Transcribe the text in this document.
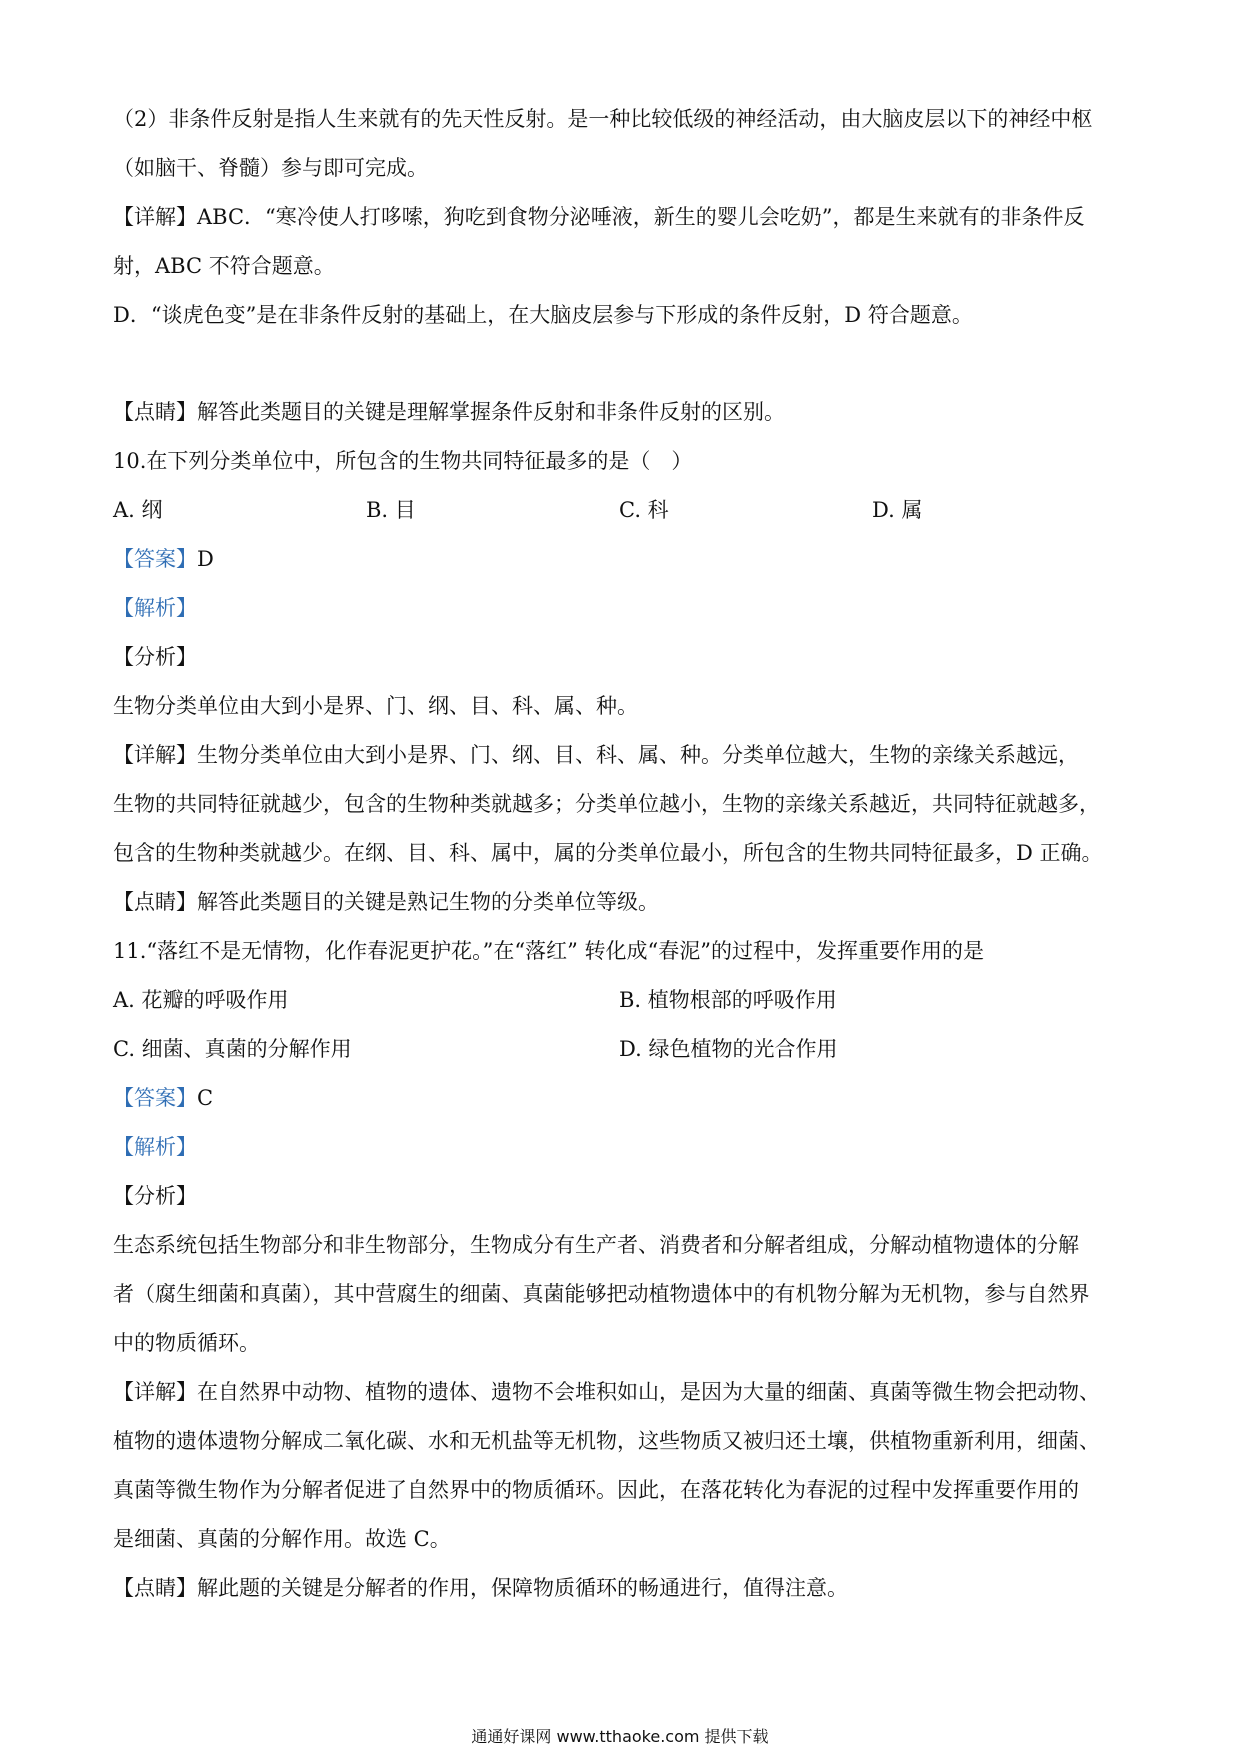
（2）非条件反射是指人生来就有的先天性反射。是一种比较低级的神经活动，由大脑皮层以下的神经中枢
（如脑干、脊髓）参与即可完成。
【详解】ABC．“寒冷使人打哆嗦，狗吃到食物分泌唾液，新生的婴儿会吃奶”，都是生来就有的非条件反
射，ABC 不符合题意。
D．“谈虎色变”是在非条件反射的基础上，在大脑皮层参与下形成的条件反射，D 符合题意。
【点睛】解答此类题目的关键是理解掌握条件反射和非条件反射的区别。
10.在下列分类单位中，所包含的生物共同特征最多的是（　）
A. 纲	B. 目	C. 科	D. 属
【答案】D
【解析】
【分析】
生物分类单位由大到小是界、门、纲、目、科、属、种。
【详解】生物分类单位由大到小是界、门、纲、目、科、属、种。分类单位越大，生物的亲缘关系越远，
生物的共同特征就越少，包含的生物种类就越多；分类单位越小，生物的亲缘关系越近，共同特征就越多，
包含的生物种类就越少。在纲、目、科、属中，属的分类单位最小，所包含的生物共同特征最多，D 正确。
【点睛】解答此类题目的关键是熟记生物的分类单位等级。
11.“落红不是无情物，化作春泥更护花。”在“落红” 转化成“春泥”的过程中，发挥重要作用的是
A. 花瓣的呼吸作用	B. 植物根部的呼吸作用
C. 细菌、真菌的分解作用	D. 绿色植物的光合作用
【答案】C
【解析】
【分析】
生态系统包括生物部分和非生物部分，生物成分有生产者、消费者和分解者组成，分解动植物遗体的分解
者（腐生细菌和真菌），其中营腐生的细菌、真菌能够把动植物遗体中的有机物分解为无机物，参与自然界
中的物质循环。
【详解】在自然界中动物、植物的遗体、遗物不会堆积如山，是因为大量的细菌、真菌等微生物会把动物、
植物的遗体遗物分解成二氧化碳、水和无机盐等无机物，这些物质又被归还土壤，供植物重新利用，细菌、
真菌等微生物作为分解者促进了自然界中的物质循环。因此，在落花转化为春泥的过程中发挥重要作用的
是细菌、真菌的分解作用。故选 C。
【点睛】解此题的关键是分解者的作用，保障物质循环的畅通进行，值得注意。
通通好课网 www.tthaoke.com 提供下载
